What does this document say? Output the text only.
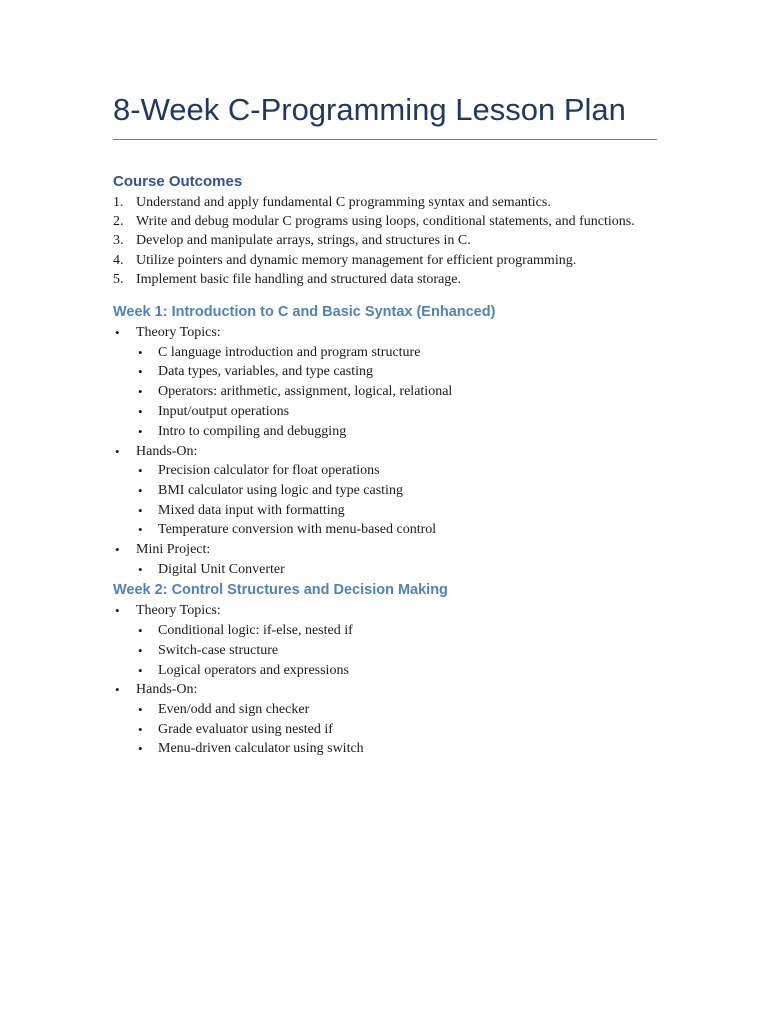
8-Week C-Programming Lesson Plan
Course Outcomes
1. Understand and apply fundamental C programming syntax and semantics.
2. Write and debug modular C programs using loops, conditional statements, and functions.
3. Develop and manipulate arrays, strings, and structures in C.
4. Utilize pointers and dynamic memory management for efficient programming.
5. Implement basic file handling and structured data storage.
Week 1: Introduction to C and Basic Syntax (Enhanced)
• Theory Topics:
• C language introduction and program structure
• Data types, variables, and type casting
• Operators: arithmetic, assignment, logical, relational
• Input/output operations
• Intro to compiling and debugging
• Hands-On:
• Precision calculator for float operations
• BMI calculator using logic and type casting
• Mixed data input with formatting
• Temperature conversion with menu-based control
• Mini Project:
• Digital Unit Converter
Week 2: Control Structures and Decision Making
• Theory Topics:
• Conditional logic: if-else, nested if
• Switch-case structure
• Logical operators and expressions
• Hands-On:
• Even/odd and sign checker
• Grade evaluator using nested if
• Menu-driven calculator using switch
